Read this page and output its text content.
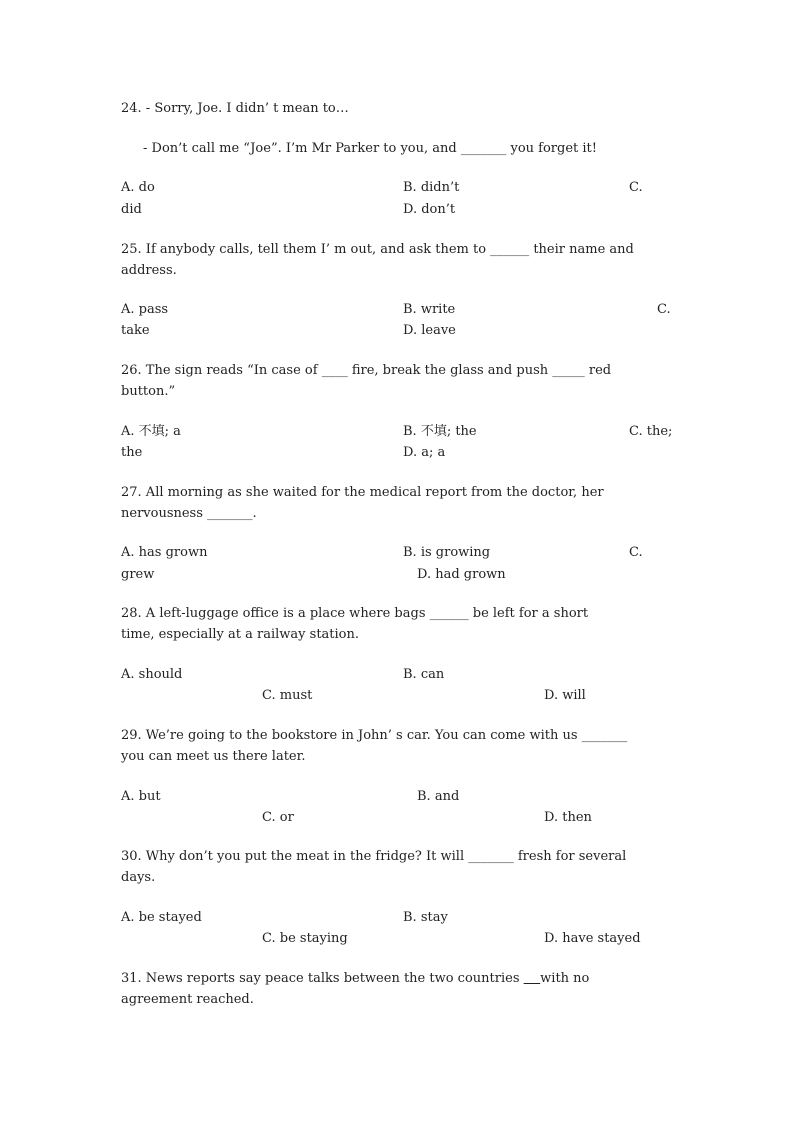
24. - Sorry, Joe. I didn’ t mean to…
- Don’t call me “Joe”. I’m Mr Parker to you, and _______ you forget it!
A. do	B. didn’t	C.
did	D. don’t
25. If anybody calls, tell them I’ m out, and ask them to ______ their name and
address.
A. pass	B. write	C.
take	D. leave
26. The sign reads “In case of ____ fire, break the glass and push _____ red
button.”
A. 不填; a	B. 不填; the	C. the;
the	D. a; a
27. All morning as she waited for the medical report from the doctor, her
nervousness _______.
A. has grown	B. is growing	C.
grew	D. had grown
28. A left-luggage office is a place where bags ______ be left for a short
time, especially at a railway station.
A. should	B. can
C. must	D. will
29. We’re going to the bookstore in John’ s car. You can come with us _______
you can meet us there later.
A. but	B. and
C. or	D. then
30. Why don’t you put the meat in the fridge? It will _______ fresh for several
days.
A. be stayed	B. stay
C. be staying	D. have stayed
31. News reports say peace talks between the two countries     with no
agreement reached.
